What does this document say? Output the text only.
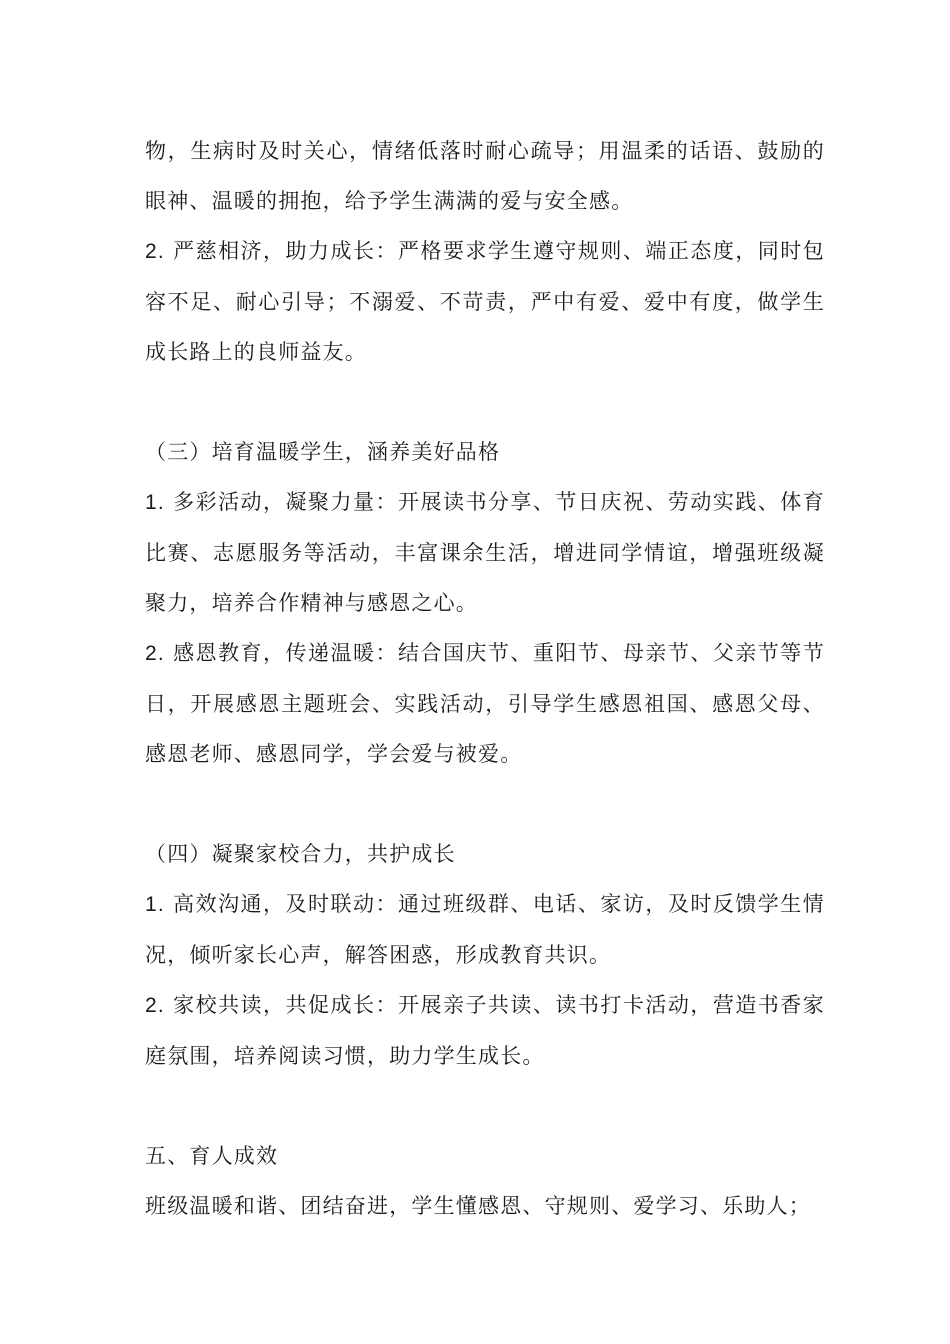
物，生病时及时关心，情绪低落时耐心疏导；用温柔的话语、鼓励的眼神、温暖的拥抱，给予学生满满的爱与安全感。

2. 严慈相济，助力成长：严格要求学生遵守规则、端正态度，同时包容不足、耐心引导；不溺爱、不苛责，严中有爱、爱中有度，做学生成长路上的良师益友。

（三）培育温暖学生，涵养美好品格

1. 多彩活动，凝聚力量：开展读书分享、节日庆祝、劳动实践、体育比赛、志愿服务等活动，丰富课余生活，增进同学情谊，增强班级凝聚力，培养合作精神与感恩之心。

2. 感恩教育，传递温暖：结合国庆节、重阳节、母亲节、父亲节等节日，开展感恩主题班会、实践活动，引导学生感恩祖国、感恩父母、感恩老师、感恩同学，学会爱与被爱。

（四）凝聚家校合力，共护成长

1. 高效沟通，及时联动：通过班级群、电话、家访，及时反馈学生情况，倾听家长心声，解答困惑，形成教育共识。

2. 家校共读，共促成长：开展亲子共读、读书打卡活动，营造书香家庭氛围，培养阅读习惯，助力学生成长。

五、育人成效

班级温暖和谐、团结奋进，学生懂感恩、守规则、爱学习、乐助人；
